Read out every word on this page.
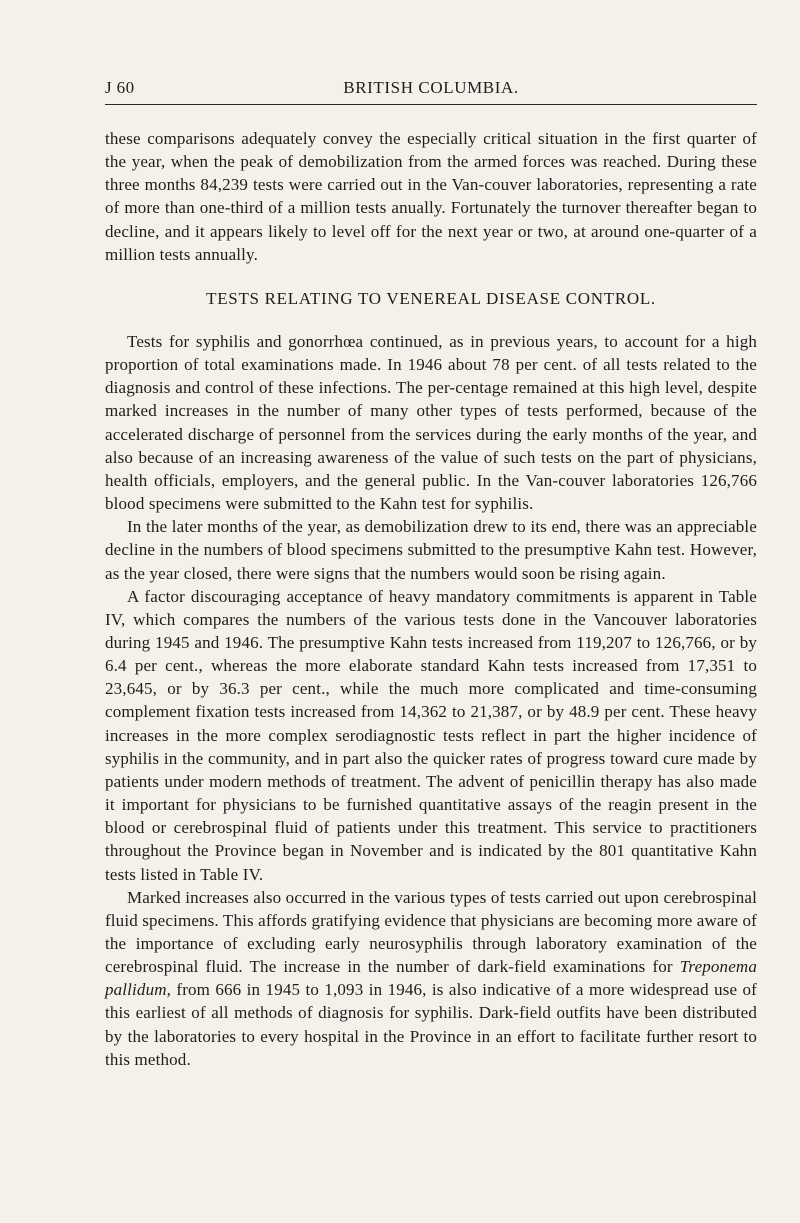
J 60	BRITISH COLUMBIA.

these comparisons adequately convey the especially critical situation in the first quarter of the year, when the peak of demobilization from the armed forces was reached. During these three months 84,239 tests were carried out in the Van-couver laboratories, representing a rate of more than one-third of a million tests anually. Fortunately the turnover thereafter began to decline, and it appears likely to level off for the next year or two, at around one-quarter of a million tests annually.

TESTS RELATING TO VENEREAL DISEASE CONTROL.

Tests for syphilis and gonorrhœa continued, as in previous years, to account for a high proportion of total examinations made. In 1946 about 78 per cent. of all tests related to the diagnosis and control of these infections. The per-centage remained at this high level, despite marked increases in the number of many other types of tests performed, because of the accelerated discharge of personnel from the services during the early months of the year, and also because of an increasing awareness of the value of such tests on the part of physicians, health officials, employers, and the general public. In the Van-couver laboratories 126,766 blood specimens were submitted to the Kahn test for syphilis.

In the later months of the year, as demobilization drew to its end, there was an appreciable decline in the numbers of blood specimens submitted to the presumptive Kahn test. However, as the year closed, there were signs that the numbers would soon be rising again.

A factor discouraging acceptance of heavy mandatory commitments is apparent in Table IV, which compares the numbers of the various tests done in the Vancouver laboratories during 1945 and 1946. The presumptive Kahn tests increased from 119,207 to 126,766, or by 6.4 per cent., whereas the more elaborate standard Kahn tests increased from 17,351 to 23,645, or by 36.3 per cent., while the much more complicated and time-consuming complement fixation tests increased from 14,362 to 21,387, or by 48.9 per cent. These heavy increases in the more complex serodiagnostic tests reflect in part the higher incidence of syphilis in the community, and in part also the quicker rates of progress toward cure made by patients under modern methods of treatment. The advent of penicillin therapy has also made it important for physicians to be furnished quantitative assays of the reagin present in the blood or cerebrospinal fluid of patients under this treatment. This service to practitioners throughout the Province began in November and is indicated by the 801 quantitative Kahn tests listed in Table IV.

Marked increases also occurred in the various types of tests carried out upon cerebrospinal fluid specimens. This affords gratifying evidence that physicians are becoming more aware of the importance of excluding early neurosyphilis through laboratory examination of the cerebrospinal fluid. The increase in the number of dark-field examinations for Treponema pallidum, from 666 in 1945 to 1,093 in 1946, is also indicative of a more widespread use of this earliest of all methods of diagnosis for syphilis. Dark-field outfits have been distributed by the laboratories to every hospital in the Province in an effort to facilitate further resort to this method.
